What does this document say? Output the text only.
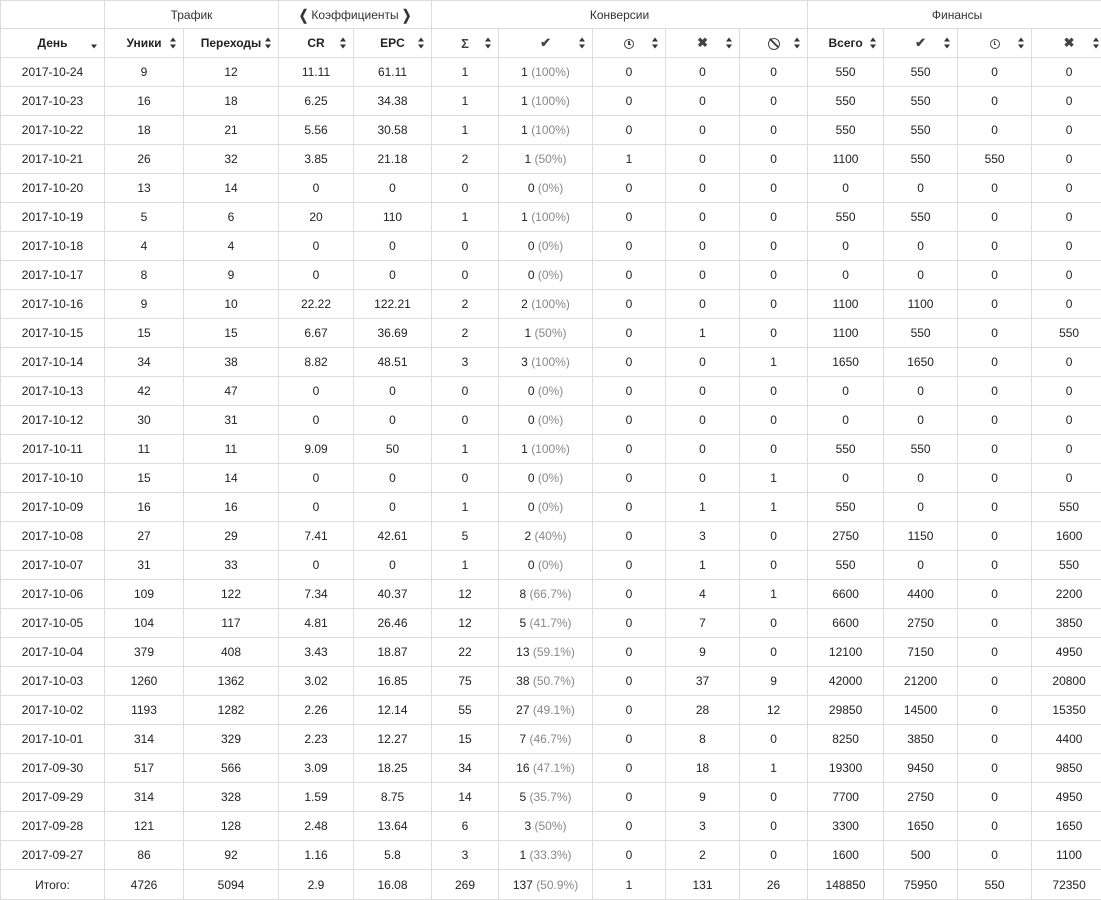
	Трафик		❮ Коэффициенты ❯		Конверсии					Финансы			
День	Уники	Переходы	CR	EPC	Σ	✔		✖		Всего	✔		✖

2017-10-24	9	12	11.11	61.11	1	1 (100%)	0	0	0	550	550	0	0
2017-10-23	16	18	6.25	34.38	1	1 (100%)	0	0	0	550	550	0	0
2017-10-22	18	21	5.56	30.58	1	1 (100%)	0	0	0	550	550	0	0
2017-10-21	26	32	3.85	21.18	2	1 (50%)	1	0	0	1100	550	550	0
2017-10-20	13	14	0	0	0	0 (0%)	0	0	0	0	0	0	0
2017-10-19	5	6	20	110	1	1 (100%)	0	0	0	550	550	0	0
2017-10-18	4	4	0	0	0	0 (0%)	0	0	0	0	0	0	0
2017-10-17	8	9	0	0	0	0 (0%)	0	0	0	0	0	0	0
2017-10-16	9	10	22.22	122.21	2	2 (100%)	0	0	0	1100	1100	0	0
2017-10-15	15	15	6.67	36.69	2	1 (50%)	0	1	0	1100	550	0	550
2017-10-14	34	38	8.82	48.51	3	3 (100%)	0	0	1	1650	1650	0	0
2017-10-13	42	47	0	0	0	0 (0%)	0	0	0	0	0	0	0
2017-10-12	30	31	0	0	0	0 (0%)	0	0	0	0	0	0	0
2017-10-11	11	11	9.09	50	1	1 (100%)	0	0	0	550	550	0	0
2017-10-10	15	14	0	0	0	0 (0%)	0	0	1	0	0	0	0
2017-10-09	16	16	0	0	1	0 (0%)	0	1	1	550	0	0	550
2017-10-08	27	29	7.41	42.61	5	2 (40%)	0	3	0	2750	1150	0	1600
2017-10-07	31	33	0	0	1	0 (0%)	0	1	0	550	0	0	550
2017-10-06	109	122	7.34	40.37	12	8 (66.7%)	0	4	1	6600	4400	0	2200
2017-10-05	104	117	4.81	26.46	12	5 (41.7%)	0	7	0	6600	2750	0	3850
2017-10-04	379	408	3.43	18.87	22	13 (59.1%)	0	9	0	12100	7150	0	4950
2017-10-03	1260	1362	3.02	16.85	75	38 (50.7%)	0	37	9	42000	21200	0	20800
2017-10-02	1193	1282	2.26	12.14	55	27 (49.1%)	0	28	12	29850	14500	0	15350
2017-10-01	314	329	2.23	12.27	15	7 (46.7%)	0	8	0	8250	3850	0	4400
2017-09-30	517	566	3.09	18.25	34	16 (47.1%)	0	18	1	19300	9450	0	9850
2017-09-29	314	328	1.59	8.75	14	5 (35.7%)	0	9	0	7700	2750	0	4950
2017-09-28	121	128	2.48	13.64	6	3 (50%)	0	3	0	3300	1650	0	1650
2017-09-27	86	92	1.16	5.8	3	1 (33.3%)	0	2	0	1600	500	0	1100
Итого:	4726	5094	2.9	16.08	269	137 (50.9%)	1	131	26	148850	75950	550	72350
